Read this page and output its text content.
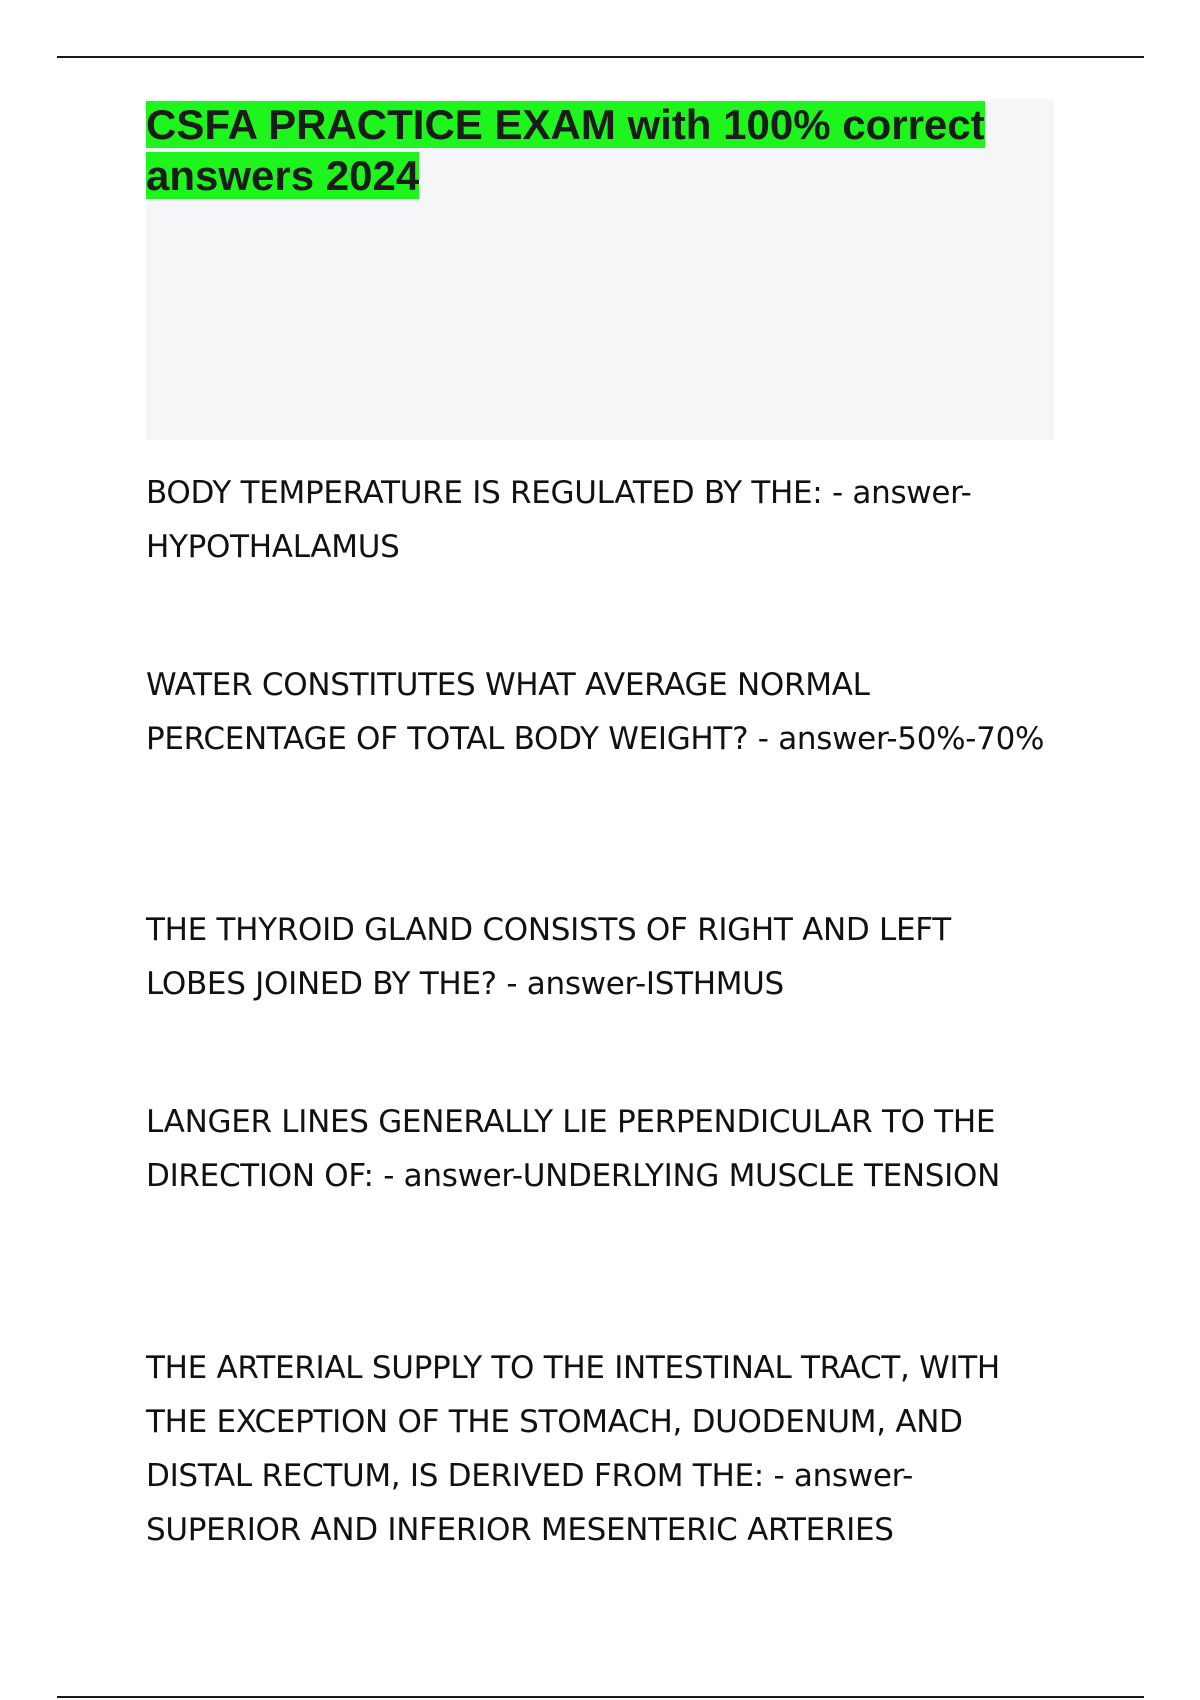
CSFA PRACTICE EXAM with 100% correct answers 2024

BODY TEMPERATURE IS REGULATED BY THE: - answer-HYPOTHALAMUS

WATER CONSTITUTES WHAT AVERAGE NORMAL PERCENTAGE OF TOTAL BODY WEIGHT? - answer-50%-70%

THE THYROID GLAND CONSISTS OF RIGHT AND LEFT LOBES JOINED BY THE? - answer-ISTHMUS

LANGER LINES GENERALLY LIE PERPENDICULAR TO THE DIRECTION OF: - answer-UNDERLYING MUSCLE TENSION

THE ARTERIAL SUPPLY TO THE INTESTINAL TRACT, WITH THE EXCEPTION OF THE STOMACH, DUODENUM, AND DISTAL RECTUM, IS DERIVED FROM THE: - answer-SUPERIOR AND INFERIOR MESENTERIC ARTERIES
